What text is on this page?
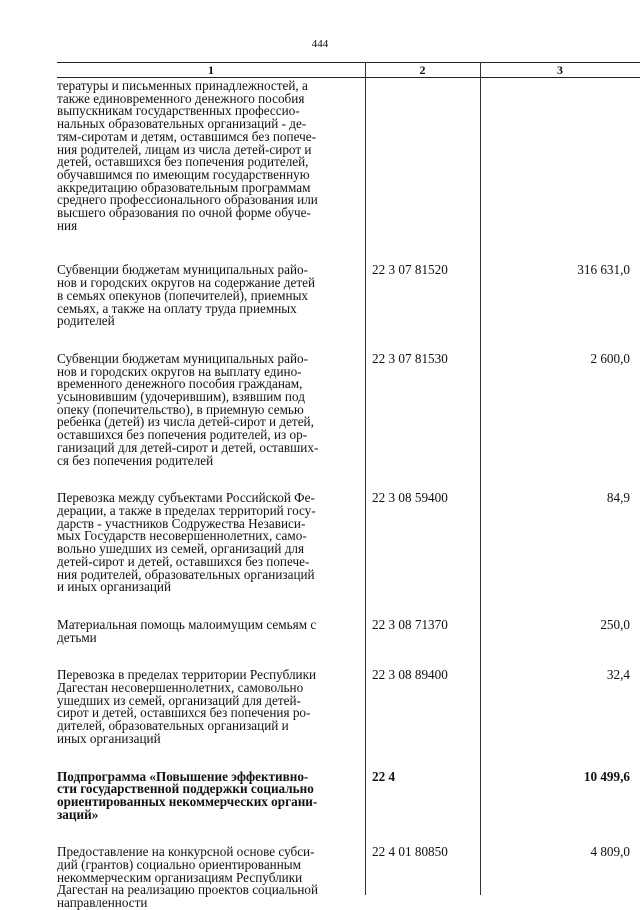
444
1	2	3
тературы и письменных принадлежностей, а
также единовременного денежного пособия
выпускникам государственных профессио-
нальных образовательных организаций - де-
тям-сиротам и детям, оставшимся без попече-
ния родителей, лицам из числа детей-сирот и
детей, оставшихся без попечения родителей,
обучавшимся по имеющим государственную
аккредитацию образовательным программам
среднего профессионального образования или
высшего образования по очной форме обуче-
ния
Субвенции бюджетам муниципальных райо-
нов и городских округов на содержание детей
в семьях опекунов (попечителей), приемных
семьях, а также на оплату труда приемных
родителей
22 3 07 81520	316 631,0
Субвенции бюджетам муниципальных райо-
нов и городских округов на выплату едино-
временного денежного пособия гражданам,
усыновившим (удочерившим), взявшим под
опеку (попечительство), в приемную семью
ребенка (детей) из числа детей-сирот и детей,
оставшихся без попечения родителей, из ор-
ганизаций для детей-сирот и детей, оставших-
ся без попечения родителей
22 3 07 81530	2 600,0
Перевозка между субъектами Российской Фе-
дерации, а также в пределах территорий госу-
дарств - участников Содружества Независи-
мых Государств несовершеннолетних, само-
вольно ушедших из семей, организаций для
детей-сирот и детей, оставшихся без попече-
ния родителей, образовательных организаций
и иных организаций
22 3 08 59400	84,9
Материальная помощь малоимущим семьям с
детьми
22 3 08 71370	250,0
Перевозка в пределах территории Республики
Дагестан несовершеннолетних, самовольно
ушедших из семей, организаций для детей-
сирот и детей, оставшихся без попечения ро-
дителей, образовательных организаций и
иных организаций
22 3 08 89400	32,4
Подпрограмма «Повышение эффективно-
сти государственной поддержки социально
ориентированных некоммерческих органи-
заций»
22 4	10 499,6
Предоставление на конкурсной основе субси-
дий (грантов) социально ориентированным
некоммерческим организациям Республики
Дагестан на реализацию проектов социальной
направленности
22 4 01 80850	4 809,0
